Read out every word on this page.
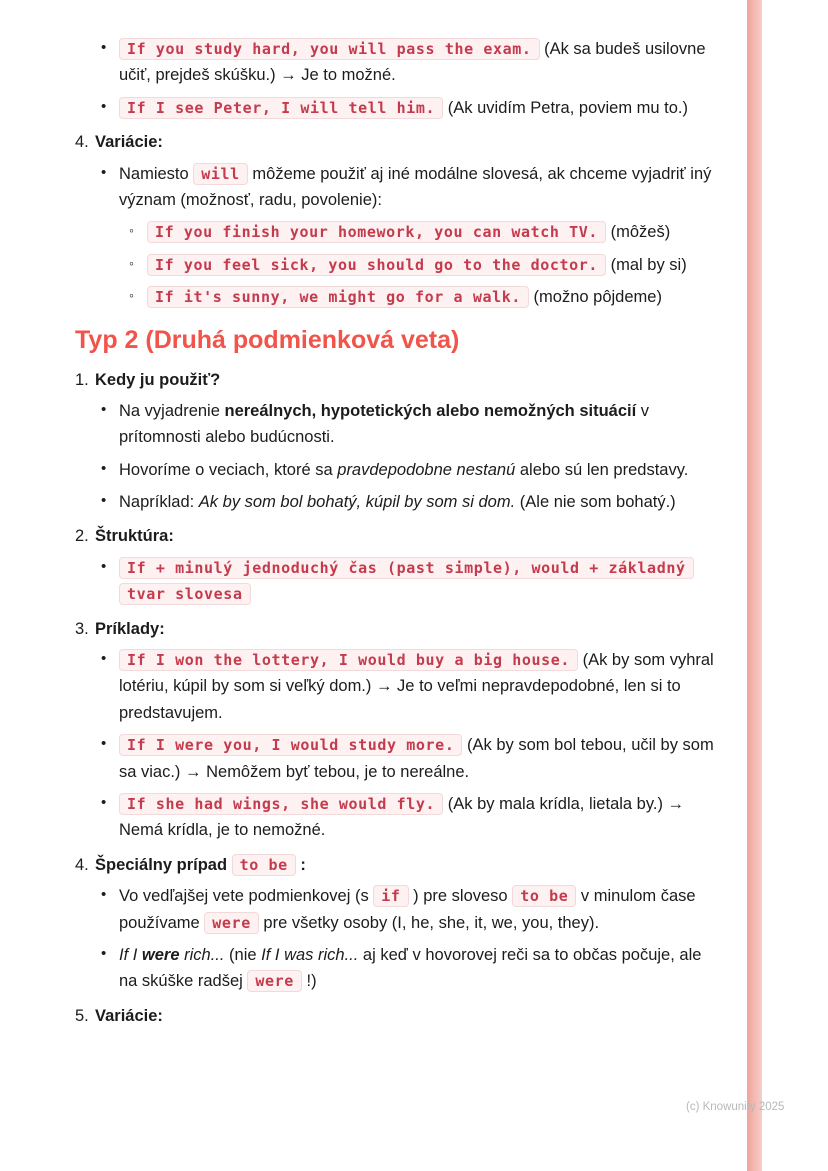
•	If you study hard, you will pass the exam. (Ak sa budeš usilovne učiť, prejdeš skúšku.) → Je to možné.
•	If I see Peter, I will tell him. (Ak uvidím Petra, poviem mu to.)
4. Variácie:
• Namiesto will môžeme použiť aj iné modálne slovesá, ak chceme vyjadriť iný význam (možnosť, radu, povolenie):
◦	If you finish your homework, you can watch TV. (môžeš)
◦	If you feel sick, you should go to the doctor. (mal by si)
◦	If it's sunny, we might go for a walk. (možno pôjdeme)
Typ 2 (Druhá podmienková veta)
1. Kedy ju použiť?
• Na vyjadrenie nereálnych, hypotetických alebo nemožných situácií v prítomnosti alebo budúcnosti.
• Hovoríme o veciach, ktoré sa pravdepodobne nestanú alebo sú len predstavy.
• Napríklad: Ak by som bol bohatý, kúpil by som si dom. (Ale nie som bohatý.)
2. Štruktúra:
•	If + minulý jednoduchý čas (past simple), would + základný tvar slovesa
3. Príklady:
•	If I won the lottery, I would buy a big house. (Ak by som vyhral lotériu, kúpil by som si veľký dom.) → Je to veľmi nepravdepodobné, len si to predstavujem.
•	If I were you, I would study more. (Ak by som bol tebou, učil by som sa viac.) → Nemôžem byť tebou, je to nereálne.
•	If she had wings, she would fly. (Ak by mala krídla, lietala by.) → Nemá krídla, je to nemožné.
4. Špeciálny prípad to be :
• Vo vedľajšej vete podmienkovej (s if ) pre sloveso to be v minulom čase používame were pre všetky osoby (I, he, she, it, we, you, they).
• If I were rich... (nie If I was rich... aj keď v hovorovej reči sa to občas počuje, ale na skúške radšej were !)
5. Variácie:
(c) Knowunity 2025
